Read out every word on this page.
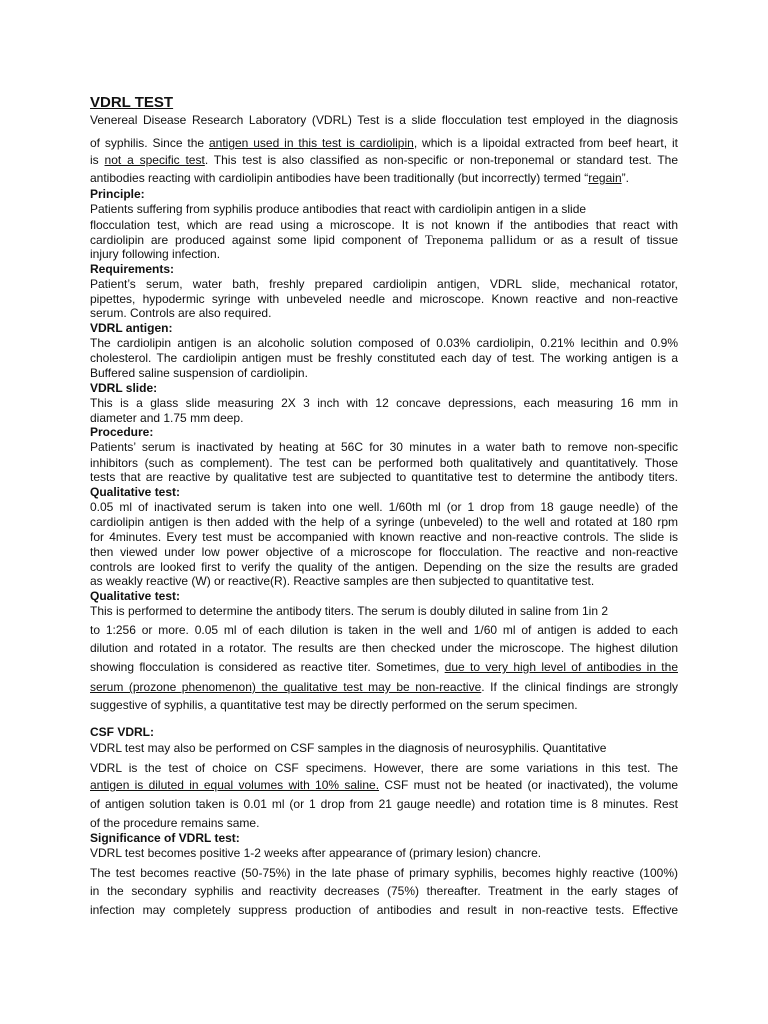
VDRL TEST

Venereal Disease Research Laboratory (VDRL) Test is a slide flocculation test employed in the diagnosis

of syphilis. Since the antigen used in this test is cardiolipin, which is a lipoidal extracted from beef heart, it

is not a specific test. This test is also classified as non-specific or non-treponemal or standard test. The

antibodies reacting with cardiolipin antibodies have been traditionally (but incorrectly) termed “regain”.

Principle:

Patients suffering from syphilis produce antibodies that react with cardiolipin antigen in a slide

flocculation test, which are read using a microscope. It is not known if the antibodies that react with

cardiolipin are produced against some lipid component of Treponema pallidum or as a result of tissue

injury following infection.

Requirements:

Patient’s serum, water bath, freshly prepared cardiolipin antigen, VDRL slide, mechanical rotator,

pipettes, hypodermic syringe with unbeveled needle and microscope. Known reactive and non-reactive

serum. Controls are also required.

VDRL antigen:

The cardiolipin antigen is an alcoholic solution composed of 0.03% cardiolipin, 0.21% lecithin and 0.9%

cholesterol. The cardiolipin antigen must be freshly constituted each day of test. The working antigen is a

Buffered saline suspension of cardiolipin.

VDRL slide:

This is a glass slide measuring 2X 3 inch with 12 concave depressions, each measuring 16 mm in

diameter and 1.75 mm deep.

Procedure:

Patients’ serum is inactivated by heating at 56C for 30 minutes in a water bath to remove non-specific

inhibitors (such as complement). The test can be performed both qualitatively and quantitatively. Those

tests that are reactive by qualitative test are subjected to quantitative test to determine the antibody titers.

Qualitative test:

0.05 ml of inactivated serum is taken into one well. 1/60th ml (or 1 drop from 18 gauge needle) of the

cardiolipin antigen is then added with the help of a syringe (unbeveled) to the well and rotated at 180 rpm

for 4minutes. Every test must be accompanied with known reactive and non-reactive controls. The slide is

then viewed under low power objective of a microscope for flocculation. The reactive and non-reactive

controls are looked first to verify the quality of the antigen. Depending on the size the results are graded

as weakly reactive (W) or reactive(R). Reactive samples are then subjected to quantitative test.

Qualitative test:

This is performed to determine the antibody titers. The serum is doubly diluted in saline from 1in 2

to 1:256 or more. 0.05 ml of each dilution is taken in the well and 1/60 ml of antigen is added to each

dilution and rotated in a rotator. The results are then checked under the microscope. The highest dilution

showing flocculation is considered as reactive titer. Sometimes, due to very high level of antibodies in the

serum (prozone phenomenon) the qualitative test may be non-reactive. If the clinical findings are strongly

suggestive of syphilis, a quantitative test may be directly performed on the serum specimen.

CSF VDRL:

VDRL test may also be performed on CSF samples in the diagnosis of neurosyphilis. Quantitative

VDRL is the test of choice on CSF specimens. However, there are some variations in this test. The

antigen is diluted in equal volumes with 10% saline. CSF must not be heated (or inactivated), the volume

of antigen solution taken is 0.01 ml (or 1 drop from 21 gauge needle) and rotation time is 8 minutes. Rest

of the procedure remains same.

Significance of VDRL test:

VDRL test becomes positive 1-2 weeks after appearance of (primary lesion) chancre.

The test becomes reactive (50-75%) in the late phase of primary syphilis, becomes highly reactive (100%)

in the secondary syphilis and reactivity decreases (75%) thereafter. Treatment in the early stages of

infection may completely suppress production of antibodies and result in non-reactive tests. Effective
